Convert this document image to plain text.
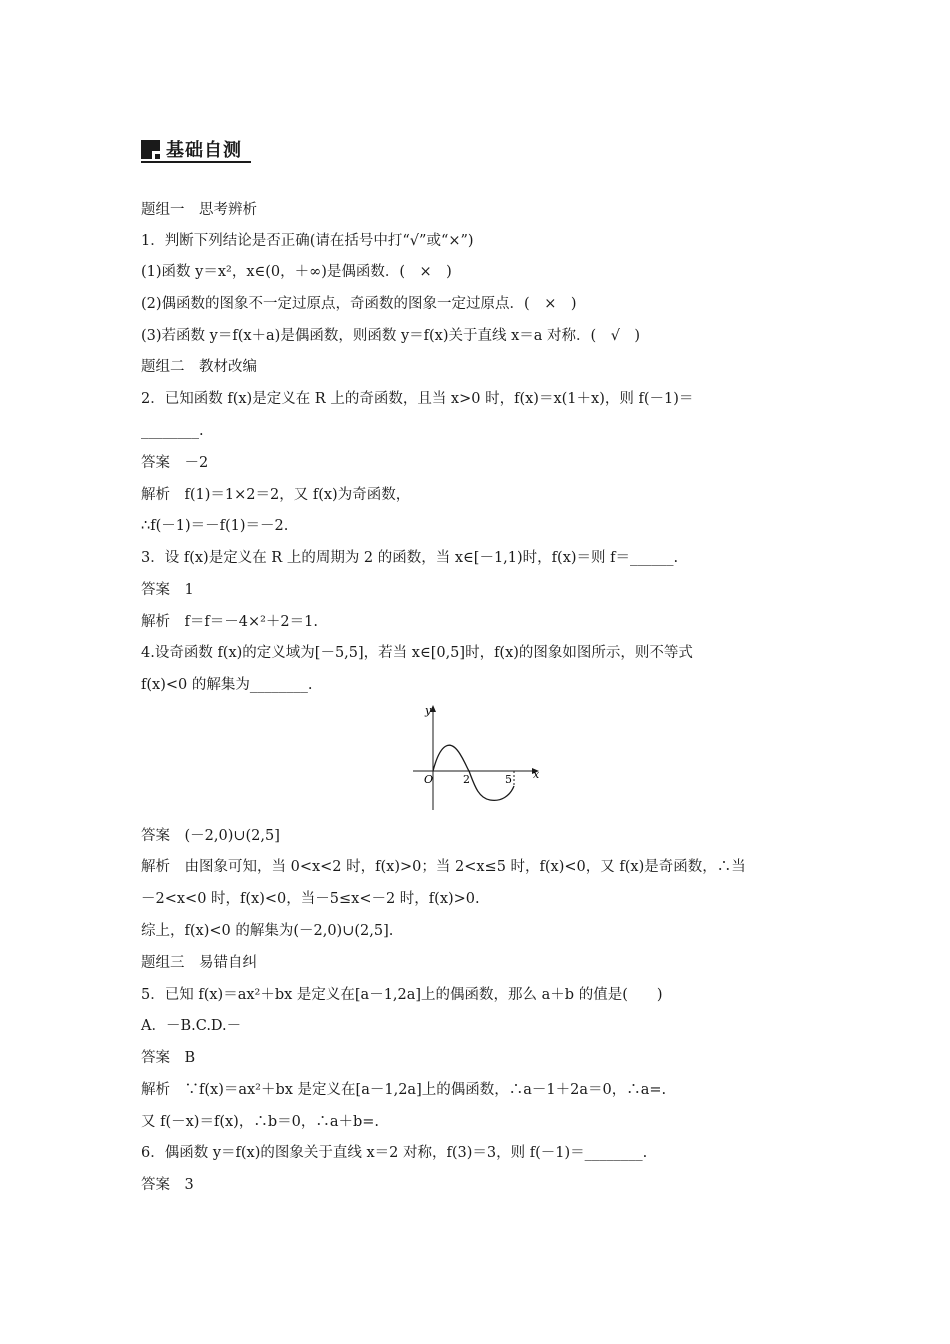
基础自测
题组一　思考辨析
1．判断下列结论是否正确(请在括号中打“√”或“×”)
(1)函数 y＝x²，x∈(0，＋∞)是偶函数．(　×　)
(2)偶函数的图象不一定过原点，奇函数的图象一定过原点．(　×　)
(3)若函数 y＝f(x＋a)是偶函数，则函数 y＝f(x)关于直线 x＝a 对称．(　√　)
题组二　教材改编
2．已知函数 f(x)是定义在 R 上的奇函数，且当 x>0 时，f(x)＝x(1＋x)，则 f(－1)＝
________.
答案　－2
解析　f(1)＝1×2＝2，又 f(x)为奇函数，
∴f(－1)＝－f(1)＝－2.
3．设 f(x)是定义在 R 上的周期为 2 的函数，当 x∈[－1,1)时，f(x)＝则 f＝______.
答案　1
解析　f＝f＝－4×²＋2＝1.
4.设奇函数 f(x)的定义域为[－5,5]，若当 x∈[0,5]时，f(x)的图象如图所示，则不等式
f(x)<0 的解集为________.
y
x
O	2	5
答案　(－2,0)∪(2,5]
解析　由图象可知，当 0<x<2 时，f(x)>0；当 2<x≤5 时，f(x)<0，又 f(x)是奇函数，∴当
－2<x<0 时，f(x)<0，当－5≤x<－2 时，f(x)>0.
综上，f(x)<0 的解集为(－2,0)∪(2,5].
题组三　易错自纠
5．已知 f(x)＝ax²＋bx 是定义在[a－1,2a]上的偶函数，那么 a＋b 的值是(　　)
A．－B.C.D.－
答案　B
解析　∵f(x)＝ax²＋bx 是定义在[a－1,2a]上的偶函数，∴a－1＋2a＝0，∴a=.
又 f(－x)＝f(x)，∴b＝0，∴a＋b=.
6．偶函数 y＝f(x)的图象关于直线 x＝2 对称，f(3)＝3，则 f(－1)＝________.
答案　3
